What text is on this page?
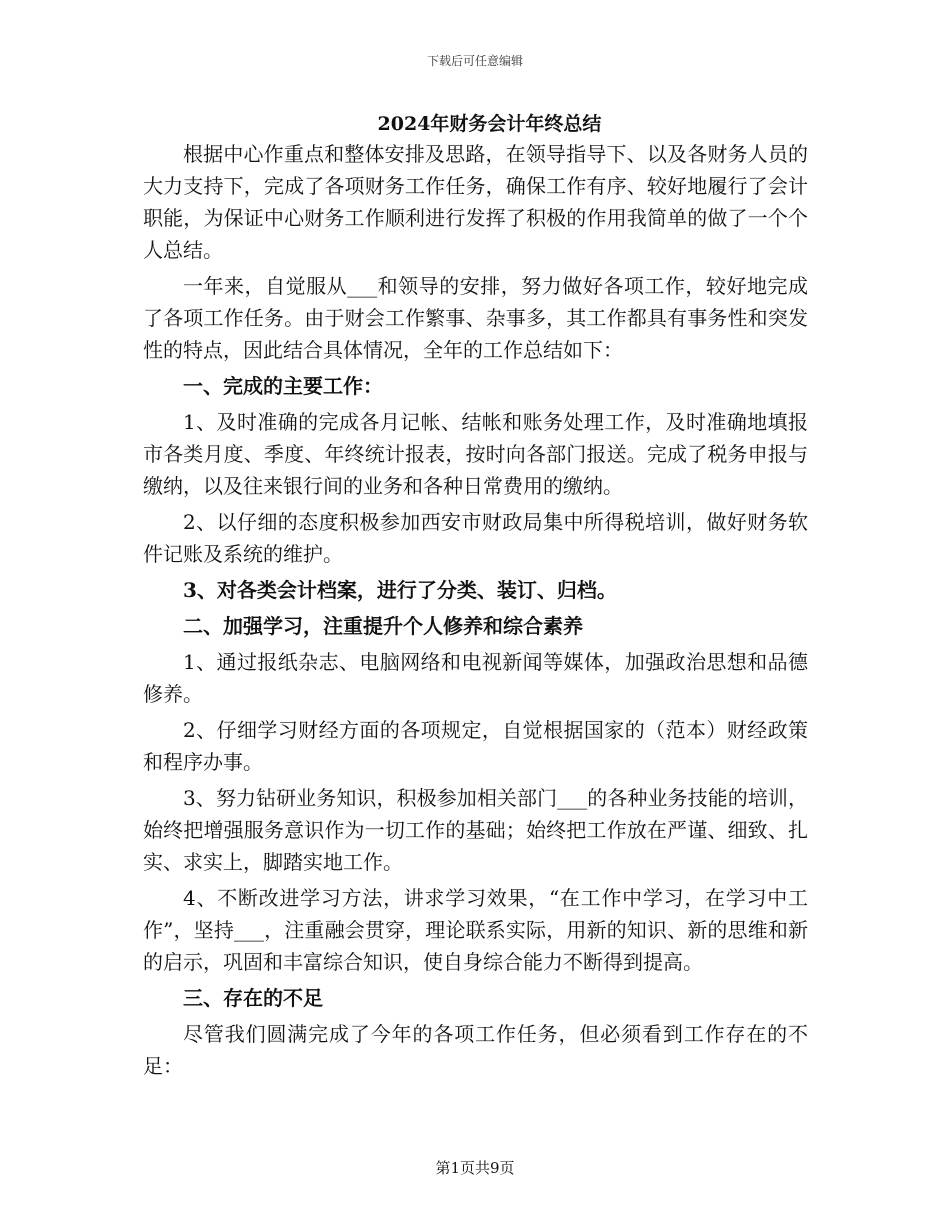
下载后可任意编辑
2024年财务会计年终总结

根据中心作重点和整体安排及思路，在领导指导下、以及各财务人员的大力支持下，完成了各项财务工作任务，确保工作有序、较好地履行了会计职能，为保证中心财务工作顺利进行发挥了积极的作用我简单的做了一个个人总结。

一年来，自觉服从___和领导的安排，努力做好各项工作，较好地完成了各项工作任务。由于财会工作繁事、杂事多，其工作都具有事务性和突发性的特点，因此结合具体情况，全年的工作总结如下：

一、完成的主要工作：

1、及时准确的完成各月记帐、结帐和账务处理工作，及时准确地填报市各类月度、季度、年终统计报表，按时向各部门报送。完成了税务申报与缴纳，以及往来银行间的业务和各种日常费用的缴纳。

2、以仔细的态度积极参加西安市财政局集中所得税培训，做好财务软件记账及系统的维护。

3、对各类会计档案，进行了分类、装订、归档。

二、加强学习，注重提升个人修养和综合素养

1、通过报纸杂志、电脑网络和电视新闻等媒体，加强政治思想和品德修养。

2、仔细学习财经方面的各项规定，自觉根据国家的（范本）财经政策和程序办事。

3、努力钻研业务知识，积极参加相关部门___的各种业务技能的培训，始终把增强服务意识作为一切工作的基础；始终把工作放在严谨、细致、扎实、求实上，脚踏实地工作。

4、不断改进学习方法，讲求学习效果，“在工作中学习，在学习中工作”，坚持___，注重融会贯穿，理论联系实际，用新的知识、新的思维和新的启示，巩固和丰富综合知识，使自身综合能力不断得到提高。

三、存在的不足

尽管我们圆满完成了今年的各项工作任务，但必须看到工作存在的不足：

第1页共9页
